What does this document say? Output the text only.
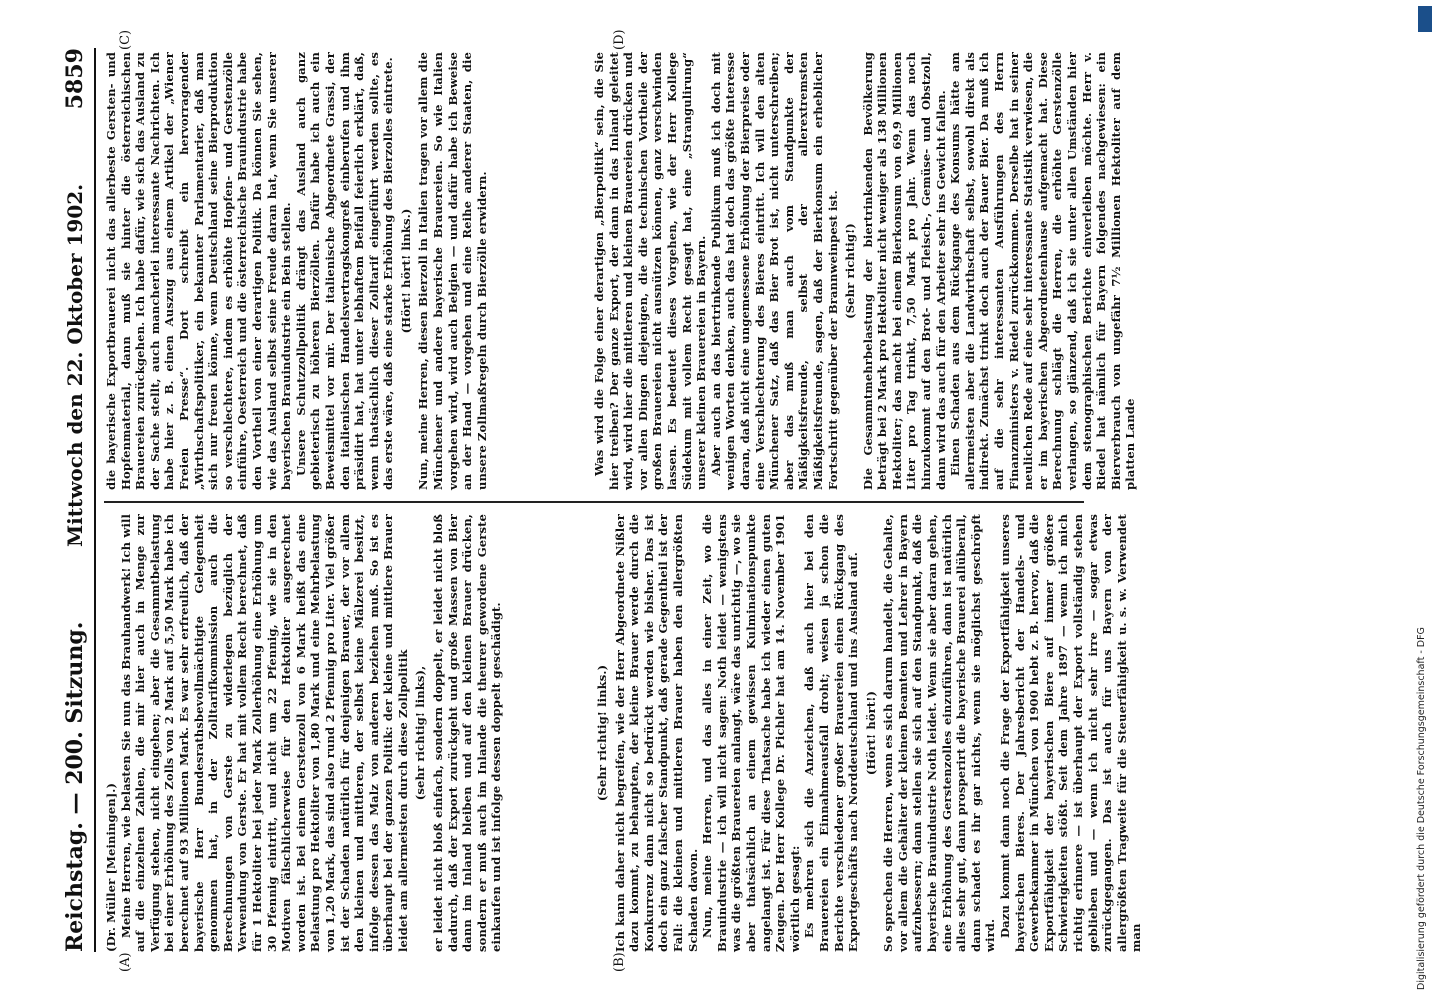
Reichstag. — 200. Sitzung.
Mittwoch den 22. Oktober 1902.
5859
(A)	(B)
(C)	(D)

(Dr. Müller [Meiningen].) Meine Herren, wie belasten Sie nun das Brauhandwerk! Ich will auf die einzelnen Zahlen, die mir hier auch in Menge zur Verfügung stehen, nicht eingehen; aber die Gesammtbelastung bei einer Erhöhung des Zolls von 2 Mark auf 5,50 Mark habe ich berechnet auf 93 Millionen Mark. Es war sehr erfreulich, daß der bayerische Herr Bundesrathsbevollmächtigte Gelegenheit genommen hat, in der Zolltarifkommission auch die Berechnungen von Gerste zu widerlegen bezüglich der Verwendung von Gerste. Er hat mit vollem Recht berechnet, daß für 1 Hektoliter bei jeder Mark Zollerhöhung eine Erhöhung um 30 Pfennig eintritt, und nicht um 22 Pfennig, wie sie in den Motiven fälschlicherweise für den Hektoliter ausgerechnet worden ist. Bei einem Gerstenzoll von 6 Mark heißt das eine Belastung pro Hektoliter von 1,80 Mark und eine Mehrbelastung von 1,20 Mark, das sind also rund 2 Pfennig pro Liter. Viel größer ist der Schaden natürlich für denjenigen Brauer, der vor allem den kleinen und mittleren, der selbst keine Mälzerei besitzt, infolge dessen das Malz von anderen beziehen muß. So ist es überhaupt bei der ganzen Politik: der kleine und mittlere Brauer leidet am allermeisten durch diese Zollpolitik (sehr richtig! links), er leidet nicht bloß einfach, sondern doppelt, er leidet nicht bloß dadurch, daß der Export zurückgeht und große Massen von Bier dann im Inland bleiben und auf den kleinen Brauer drücken, sondern er muß auch im Inlande die theurer gewordene Gerste einkaufen und ist infolge dessen doppelt geschädigt.	(Sehr richtig! links.) Ich kann daher nicht begreifen, wie der Herr Abgeordnete Nißler dazu kommt, zu behaupten, der kleine Brauer werde durch die Konkurrenz dann nicht so bedrückt werden wie bisher. Das ist doch ein ganz falscher Standpunkt, daß gerade Gegentheil ist der Fall: die kleinen und mittleren Brauer haben den allergrößten Schaden davon. Nun, meine Herren, und das alles in einer Zeit, wo die Brauindustrie — ich will nicht sagen: Noth leidet — wenigstens was die größten Brauereien anlangt, wäre das unrichtig —, wo sie aber thatsächlich an einem gewissen Kulminationspunkte angelangt ist. Für diese Thatsache habe ich wieder einen guten Zeugen. Der Herr Kollege Dr. Pichler hat am 14. November 1901 wörtlich gesagt: Es mehren sich die Anzeichen, daß auch hier bei den Brauereien ein Einnahmeausfall droht; weisen ja schon die Berichte verschiedener großer Brauereien einen Rückgang des Exportgeschäfts nach Norddeutschland und ins Ausland auf. (Hört! hört!) So sprechen die Herren, wenn es sich darum handelt, die Gehalte, vor allem die Gehälter der kleinen Beamten und Lehrer in Bayern aufzubessern; dann stellen sie sich auf den Standpunkt, daß die bayerische Brauindustrie Noth leidet. Wenn sie aber daran gehen, eine Erhöhung des Gerstenzolles einzuführen, dann ist natürlich alles sehr gut, dann prosperirt die bayerische Brauerei allüberall, dann schadet es ihr gar nichts, wenn sie möglichst geschröpft wird. Dazu kommt dann noch die Frage der Exportfähigkeit unseres bayerischen Bieres. Der Jahresbericht der Handels- und Gewerbekammer in München von 1900 hebt z. B. hervor, daß die Exportfähigkeit der bayerischen Biere auf immer größere Schwierigkeiten stößt. Seit dem Jahre 1897 — wenn ich mich richtig erinnere — ist überhaupt der Export vollständig stehen geblieben und — wenn ich nicht sehr irre — sogar etwas zurückgegangen. Das ist auch für uns Bayern von der allergrößten Tragweite für die Steuerfähigkeit u. s. w. Verwendet man

die bayerische Exportbrauerei nicht das allerbeste Gersten- und Hopfenmaterial, dann muß sie hinter die österreichischen Brauereien zurückgehen. Ich habe dafür, wie sich das Ausland zu der Sache stellt, auch mancherlei interessante Nachrichten. Ich habe hier z. B. einen Auszug aus einem Artikel der „Wiener Freien Presse“. Dort schreibt ein hervorragender „Wirthschaftspolitiker, ein bekannter Parlamentarier, daß man sich nur freuen könne, wenn Deutschland seine Bierproduktion so verschlechtere, indem es erhöhte Hopfen- und Gerstenzölle einführe, Oesterreich und die österreichische Brauindustrie habe den Vortheil von einer derartigen Politik. Da können Sie sehen, wie das Ausland selbst seine Freude daran hat, wenn Sie unserer bayerischen Brauindustrie ein Bein stellen. Unsere Schutzzollpolitik drängt das Ausland auch ganz gebieterisch zu höheren Bierzöllen. Dafür habe ich auch ein Beweismittel vor mir. Der italienische Abgeordnete Grassi, der den italienischen Handelsvertragskongreß einberufen und ihm präsidirt hat, hat unter lebhaftem Beifall feierlich erklärt, daß, wenn thatsächlich dieser Zolltarif eingeführt werden sollte, es das erste wäre, daß eine starke Erhöhung des Bierzolles eintrete. (Hört! hört! links.) Nun, meine Herren, diesen Bierzoll in Italien tragen vor allem die Münchener und andere bayerische Brauereien. So wie Italien vorgehen wird, wird auch Belgien — und dafür habe ich Beweise an der Hand — vorgehen und eine Reihe anderer Staaten, die unsere Zollmaßregeln durch Bierzölle erwidern.	Was wird die Folge einer derartigen „Bierpolitik“ sein, die Sie hier treiben? Der ganze Export, der dann in das Inland geleitet wird, wird hier die mittleren und kleinen Brauereien drücken und vor allen Dingen diejenigen, die die technischen Vortheile der großen Brauereien nicht ausnützen können, ganz verschwinden lassen. Es bedeutet dieses Vorgehen, wie der Herr Kollege Südekum mit vollem Recht gesagt hat, eine „Strangulirung“ unserer kleinen Brauereien in Bayern. Aber auch an das biertrinkende Publikum muß ich doch mit wenigen Worten denken, auch das hat doch das größte Interesse daran, daß nicht eine ungemessene Erhöhung der Bierpreise oder eine Verschlechterung des Bieres eintritt. Ich will den alten Münchener Satz, daß das Bier Brot ist, nicht unterschreiben; aber das muß man auch vom Standpunkte der Mäßigkeitsfreunde, selbst der allerextremsten Mäßigkeitsfreunde, sagen, daß der Bierkonsum ein erheblicher Fortschritt gegenüber der Brannweinpest ist. (Sehr richtig!) Die Gesammtmehrbelastung der biertrinkenden Bevölkerung beträgt bei 2 Mark pro Hektoliter nicht weniger als 138 Millionen Hektoliter; das macht bei einem Bierkonsum von 69,9 Millionen Liter pro Tag trinkt, 7,50 Mark pro Jahr. Wenn das noch hinzukommt auf den Brot- und Fleisch-, Gemüse- und Obstzoll, dann wird das auch für den Arbeiter sehr ins Gewicht fallen. Einen Schaden aus dem Rückgange des Konsums hätte am allermeisten aber die Landwirthschaft selbst, sowohl direkt als indirekt. Zunächst trinkt doch auch der Bauer Bier. Da muß ich auf die sehr interessanten Ausführungen des Herrn Finanzministers v. Riedel zurückkommen. Derselbe hat in seiner neulichen Rede auf eine sehr interessante Statistik verwiesen, die er im bayerischen Abgeordnetenhause aufgemacht hat. Diese Berechnung schlägt die Herren, die erhöhte Gerstenzölle verlangen, so glänzend, daß ich sie unter allen Umständen hier dem stenographischen Berichte einverleiben möchte. Herr v. Riedel hat nämlich für Bayern folgendes nachgewiesen: ein Bierverbrauch von ungefähr 7½ Millionen Hektoliter auf dem platten Lande

Digitalisierung gefördert durch die Deutsche Forschungsgemeinschaft - DFG
